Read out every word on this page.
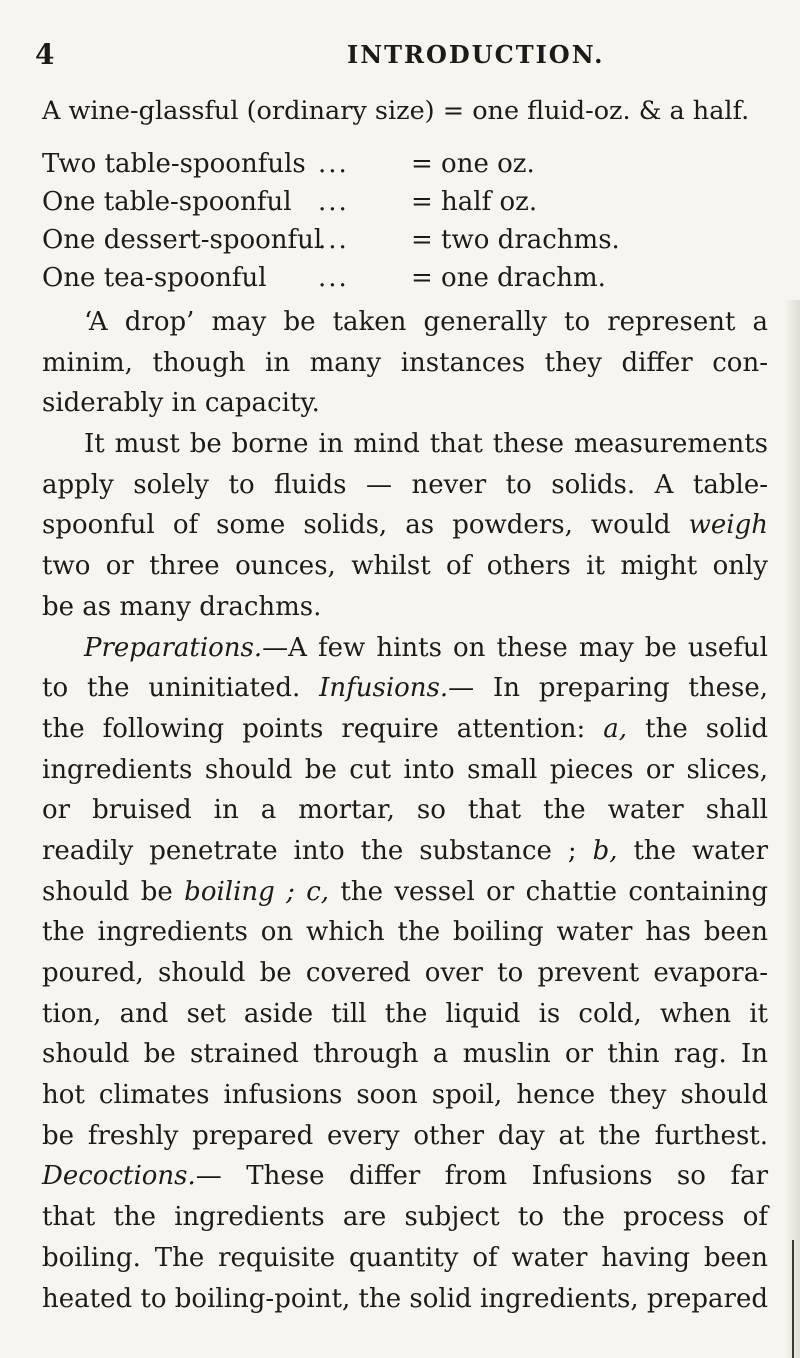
4	INTRODUCTION.
A wine-glassful (ordinary size) = one fluid-oz. & a half.
Two table-spoonfuls ... = one oz.
One table-spoonful ... = half oz.
One dessert-spoonful
... = two drachms.
One tea-spoonful ... = one drachm.
‘A drop’ may be taken generally to represent a
minim, though in many instances they differ con-
siderably in capacity.
It must be borne in mind that these measurements
apply solely to fluids — never to solids. A table-
spoonful of some solids, as powders, would weigh
two or three ounces, whilst of others it might only
be as many drachms.
Preparations.—A few hints on these may be useful
to the uninitiated. Infusions.— In preparing these,
the following points require attention: a, the solid
ingredients should be cut into small pieces or slices,
or bruised in a mortar, so that the water shall
readily penetrate into the substance ; b, the water
should be boiling ; c, the vessel or chattie containing
the ingredients on which the boiling water has been
poured, should be covered over to prevent evapora-
tion, and set aside till the liquid is cold, when it
should be strained through a muslin or thin rag. In
hot climates infusions soon spoil, hence they should
be freshly prepared every other day at the furthest.
Decoctions.— These differ from Infusions so far
that the ingredients are subject to the process of
boiling. The requisite quantity of water having been
heated to boiling-point, the solid ingredients, prepared
